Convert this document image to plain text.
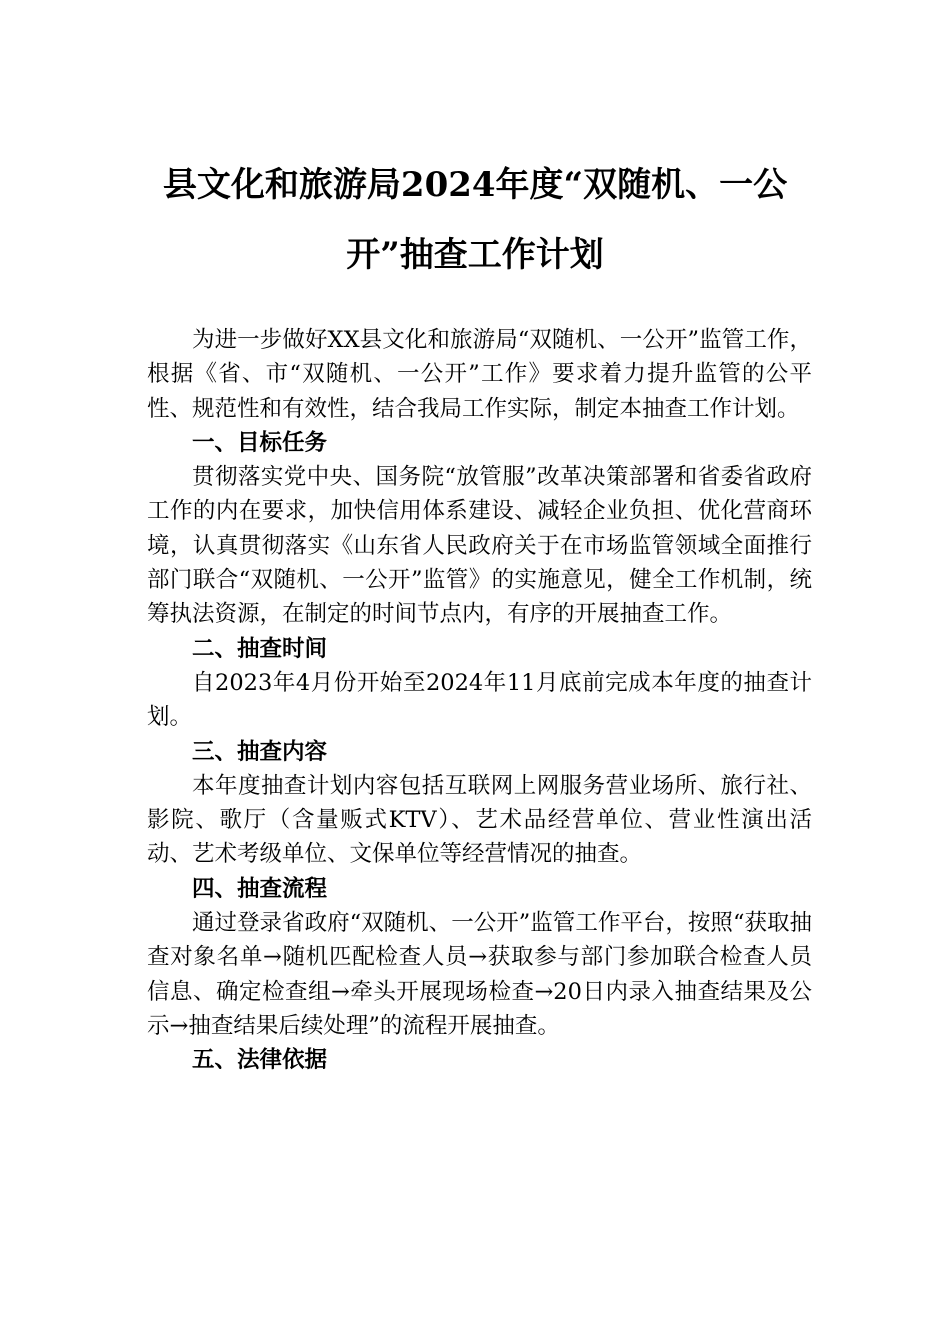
县文化和旅游局2024年度“双随机、一公
开”抽查工作计划

为进一步做好XX县文化和旅游局“双随机、一公开”监管工作，根据《省、市“双随机、一公开”工作》要求着力提升监管的公平性、规范性和有效性，结合我局工作实际，制定本抽查工作计划。

一、目标任务

贯彻落实党中央、国务院“放管服”改革决策部署和省委省政府工作的内在要求，加快信用体系建设、减轻企业负担、优化营商环境，认真贯彻落实《山东省人民政府关于在市场监管领域全面推行部门联合“双随机、一公开”监管》的实施意见，健全工作机制，统筹执法资源，在制定的时间节点内，有序的开展抽查工作。

二、抽查时间

自2023年4月份开始至2024年11月底前完成本年度的抽查计划。

三、抽查内容

本年度抽查计划内容包括互联网上网服务营业场所、旅行社、影院、歌厅（含量贩式KTV）、艺术品经营单位、营业性演出活动、艺术考级单位、文保单位等经营情况的抽查。

四、抽查流程

通过登录省政府“双随机、一公开”监管工作平台，按照“获取抽查对象名单→随机匹配检查人员→获取参与部门参加联合检查人员信息、确定检查组→牵头开展现场检查→20日内录入抽查结果及公示→抽查结果后续处理”的流程开展抽查。

五、法律依据
